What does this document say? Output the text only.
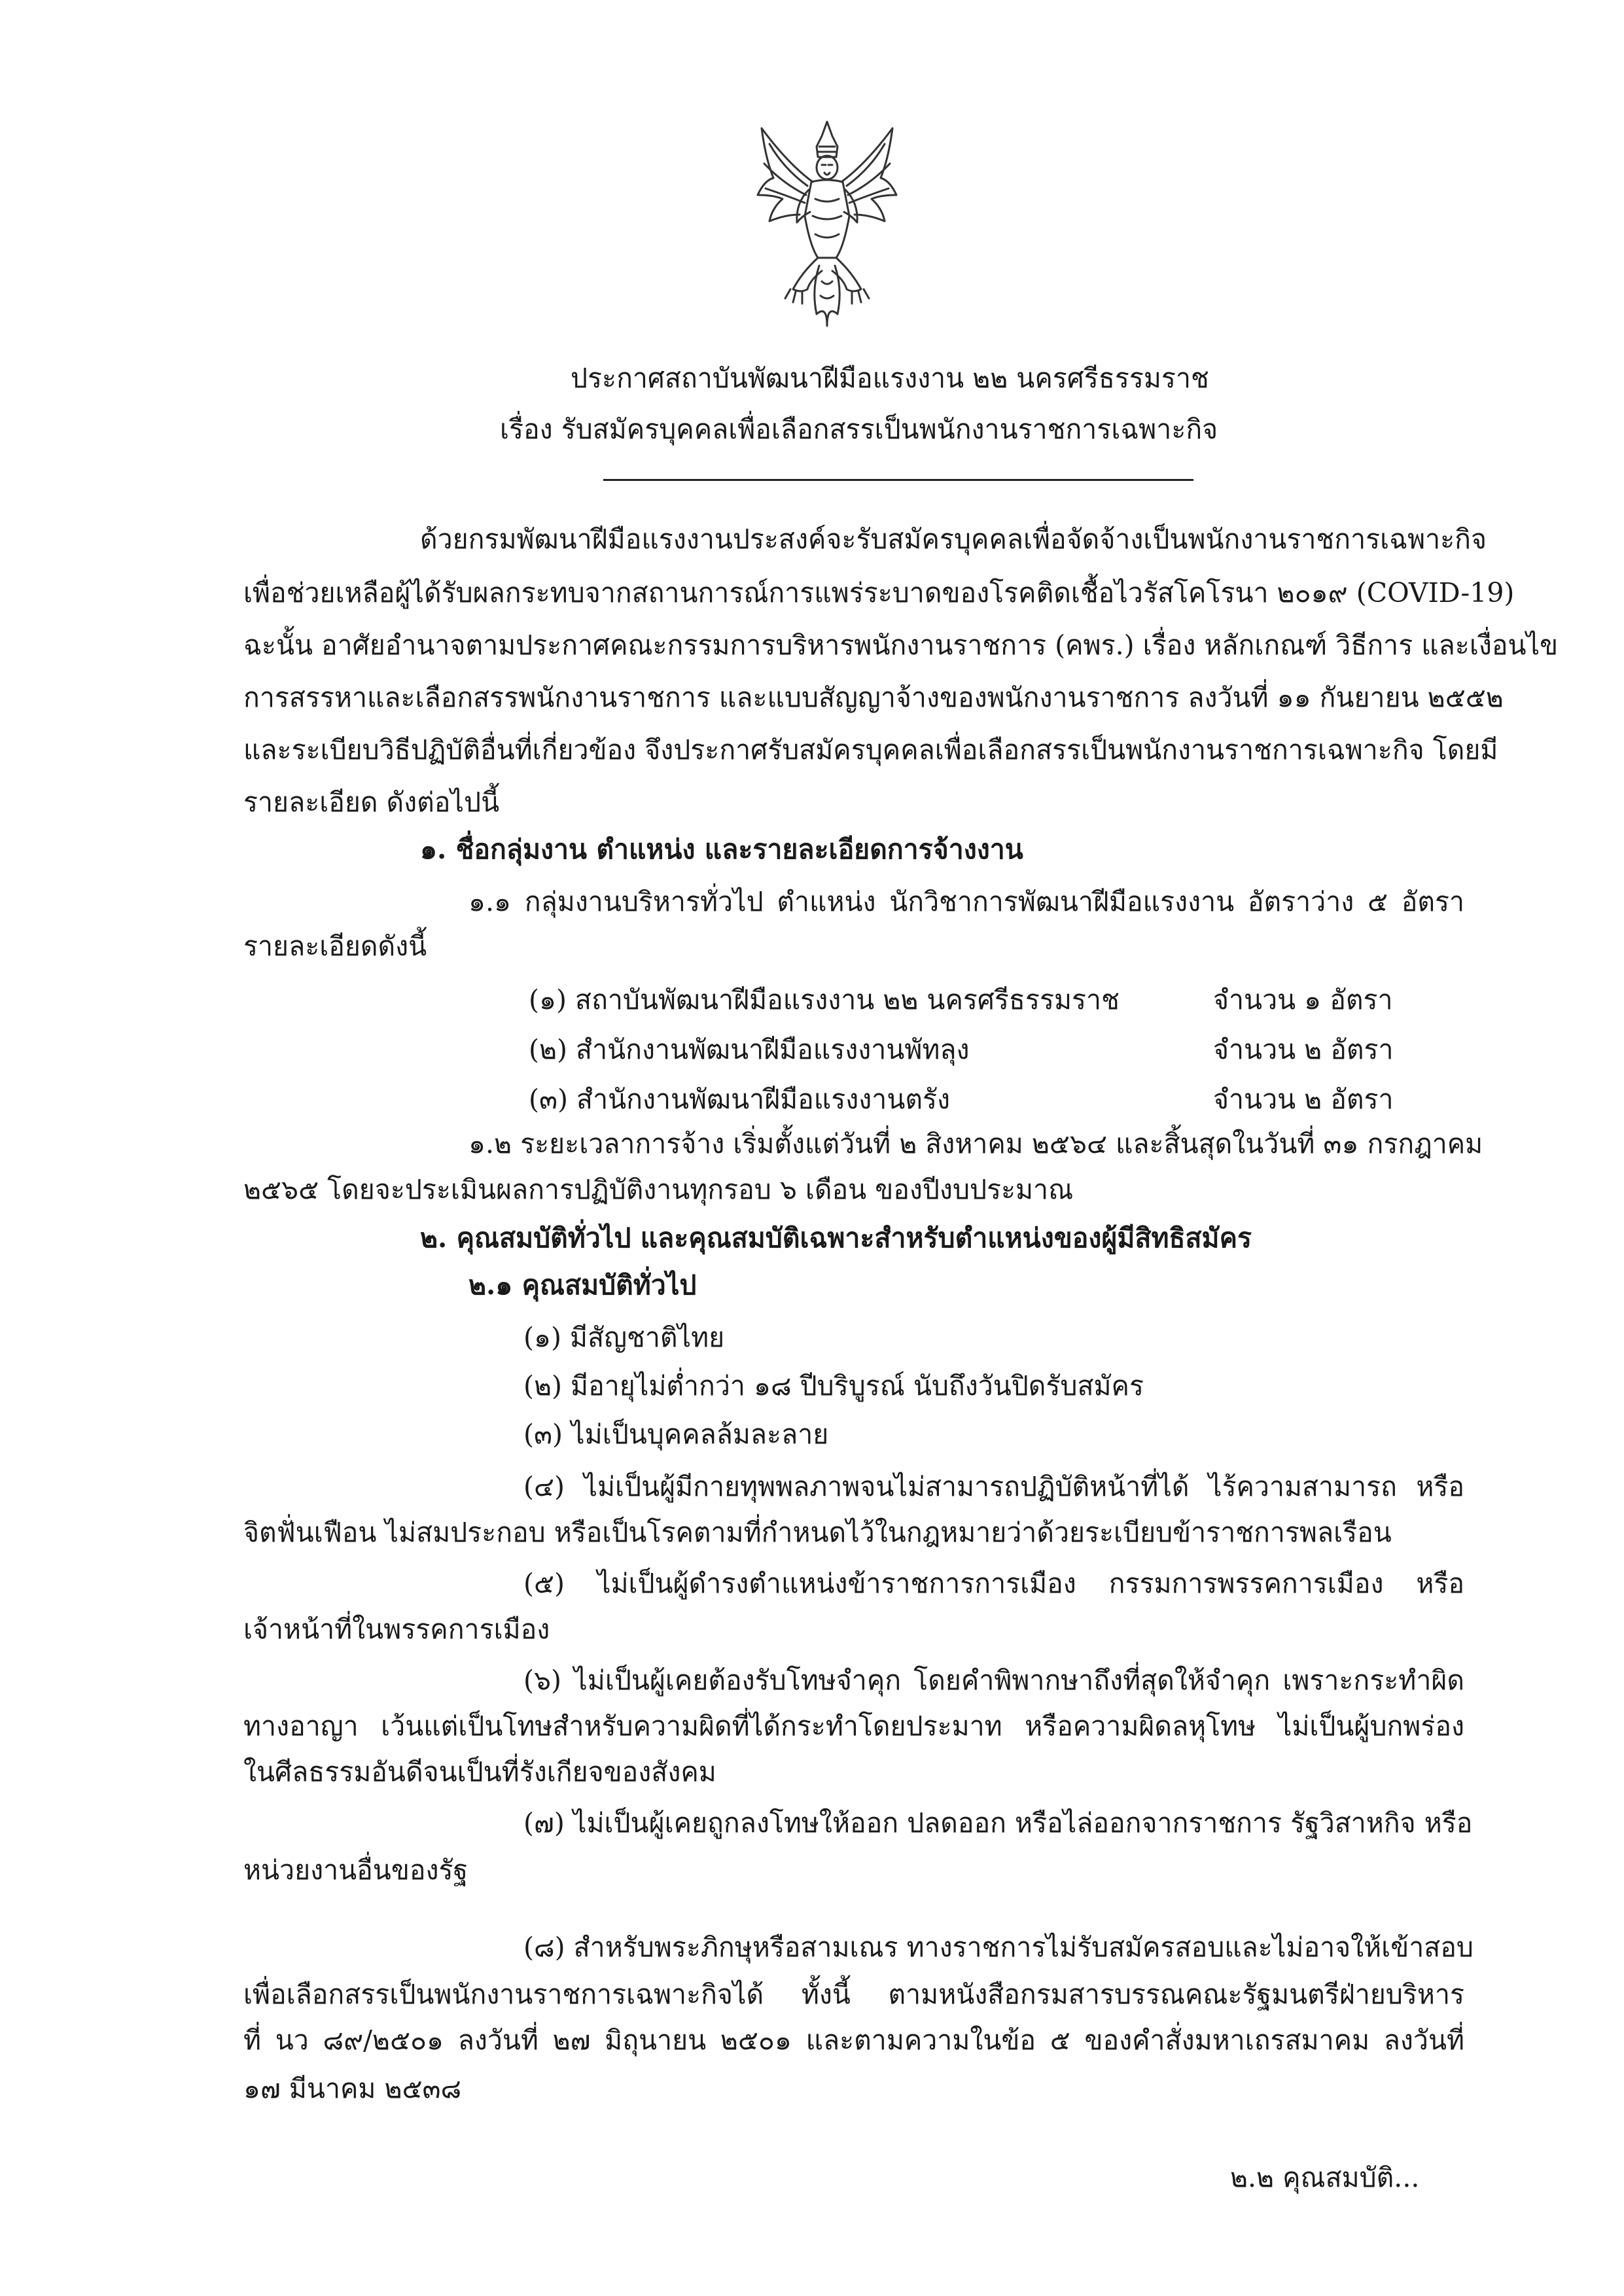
ประกาศสถาบันพัฒนาฝีมือแรงงาน ๒๒ นครศรีธรรมราช
เรื่อง รับสมัครบุคคลเพื่อเลือกสรรเป็นพนักงานราชการเฉพาะกิจ
ด้วยกรมพัฒนาฝีมือแรงงานประสงค์จะรับสมัครบุคคลเพื่อจัดจ้างเป็นพนักงานราชการเฉพาะกิจ
เพื่อช่วยเหลือผู้ได้รับผลกระทบจากสถานการณ์การแพร่ระบาดของโรคติดเชื้อไวรัสโคโรนา ๒๐๑๙ (COVID-19)
ฉะนั้น อาศัยอำนาจตามประกาศคณะกรรมการบริหารพนักงานราชการ (คพร.) เรื่อง หลักเกณฑ์ วิธีการ และเงื่อนไข
การสรรหาและเลือกสรรพนักงานราชการ และแบบสัญญาจ้างของพนักงานราชการ ลงวันที่ ๑๑ กันยายน ๒๕๕๒
และระเบียบวิธีปฏิบัติอื่นที่เกี่ยวข้อง จึงประกาศรับสมัครบุคคลเพื่อเลือกสรรเป็นพนักงานราชการเฉพาะกิจ โดยมี
รายละเอียด ดังต่อไปนี้
๑. ชื่อกลุ่มงาน ตำแหน่ง และรายละเอียดการจ้างงาน
๑.๑ กลุ่มงานบริหารทั่วไป ตำแหน่ง นักวิชาการพัฒนาฝีมือแรงงาน อัตราว่าง ๕ อัตรา
รายละเอียดดังนี้
(๑) สถาบันพัฒนาฝีมือแรงงาน ๒๒ นครศรีธรรมราช	จำนวน ๑ อัตรา
(๒) สำนักงานพัฒนาฝีมือแรงงานพัทลุง	จำนวน ๒ อัตรา
(๓) สำนักงานพัฒนาฝีมือแรงงานตรัง	จำนวน ๒ อัตรา
๑.๒ ระยะเวลาการจ้าง เริ่มตั้งแต่วันที่ ๒ สิงหาคม ๒๕๖๔ และสิ้นสุดในวันที่ ๓๑ กรกฎาคม
๒๕๖๕ โดยจะประเมินผลการปฏิบัติงานทุกรอบ ๖ เดือน ของปีงบประมาณ
๒. คุณสมบัติทั่วไป และคุณสมบัติเฉพาะสำหรับตำแหน่งของผู้มีสิทธิสมัคร
๒.๑ คุณสมบัติทั่วไป
(๑) มีสัญชาติไทย
(๒) มีอายุไม่ต่ำกว่า ๑๘ ปีบริบูรณ์ นับถึงวันปิดรับสมัคร
(๓) ไม่เป็นบุคคลล้มละลาย
(๔) ไม่เป็นผู้มีกายทุพพลภาพจนไม่สามารถปฏิบัติหน้าที่ได้ ไร้ความสามารถ หรือ
จิตฟั่นเฟือน ไม่สมประกอบ หรือเป็นโรคตามที่กำหนดไว้ในกฎหมายว่าด้วยระเบียบข้าราชการพลเรือน
(๕) ไม่เป็นผู้ดำรงตำแหน่งข้าราชการการเมือง กรรมการพรรคการเมือง หรือ
เจ้าหน้าที่ในพรรคการเมือง
(๖) ไม่เป็นผู้เคยต้องรับโทษจำคุก โดยคำพิพากษาถึงที่สุดให้จำคุก เพราะกระทำผิด
ทางอาญา เว้นแต่เป็นโทษสำหรับความผิดที่ได้กระทำโดยประมาท หรือความผิดลหุโทษ ไม่เป็นผู้บกพร่อง
ในศีลธรรมอันดีจนเป็นที่รังเกียจของสังคม
(๗) ไม่เป็นผู้เคยถูกลงโทษให้ออก ปลดออก หรือไล่ออกจากราชการ รัฐวิสาหกิจ หรือ
หน่วยงานอื่นของรัฐ
(๘) สำหรับพระภิกษุหรือสามเณร ทางราชการไม่รับสมัครสอบและไม่อาจให้เข้าสอบ
เพื่อเลือกสรรเป็นพนักงานราชการเฉพาะกิจได้ ทั้งนี้ ตามหนังสือกรมสารบรรณคณะรัฐมนตรีฝ่ายบริหาร
ที่ นว ๘๙/๒๕๐๑ ลงวันที่ ๒๗ มิถุนายน ๒๕๐๑ และตามความในข้อ ๕ ของคำสั่งมหาเถรสมาคม ลงวันที่
๑๗ มีนาคม ๒๕๓๘
๒.๒ คุณสมบัติ...
